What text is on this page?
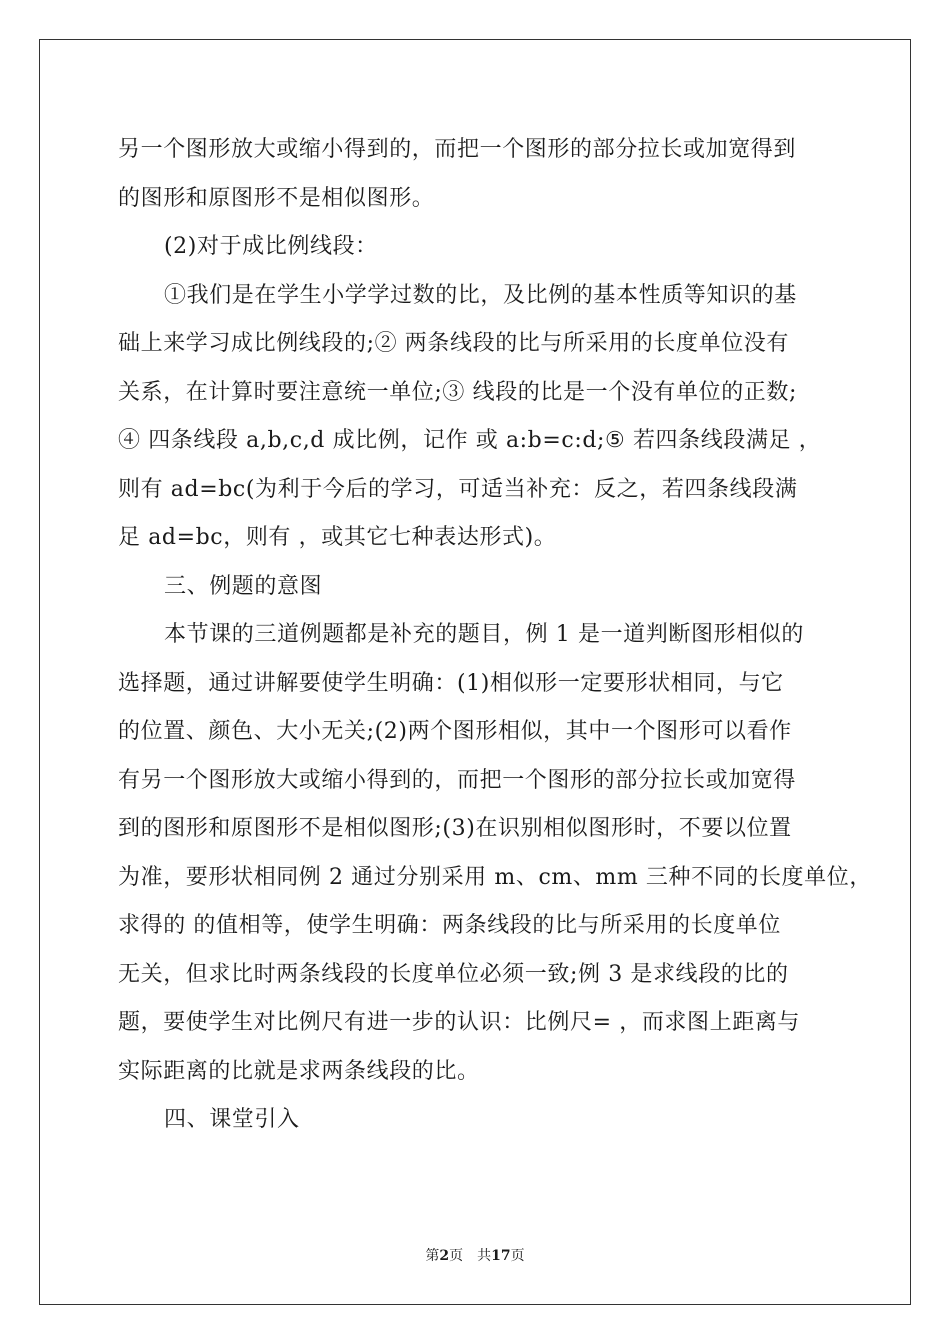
另一个图形放大或缩小得到的，而把一个图形的部分拉长或加宽得到
的图形和原图形不是相似图形。
(2)对于成比例线段：
①我们是在学生小学学过数的比，及比例的基本性质等知识的基
础上来学习成比例线段的;② 两条线段的比与所采用的长度单位没有
关系，在计算时要注意统一单位;③ 线段的比是一个没有单位的正数;
④ 四条线段 a,b,c,d 成比例，记作 或 a:b=c:d;⑤ 若四条线段满足 ，
则有 ad=bc(为利于今后的学习，可适当补充：反之，若四条线段满
足 ad=bc，则有 ，或其它七种表达形式)。
三、例题的意图
本节课的三道例题都是补充的题目，例 1 是一道判断图形相似的
选择题，通过讲解要使学生明确：(1)相似形一定要形状相同，与它
的位置、颜色、大小无关;(2)两个图形相似，其中一个图形可以看作
有另一个图形放大或缩小得到的，而把一个图形的部分拉长或加宽得
到的图形和原图形不是相似图形;(3)在识别相似图形时，不要以位置
为准，要形状相同例 2 通过分别采用 m、cm、mm 三种不同的长度单位，
求得的 的值相等，使学生明确：两条线段的比与所采用的长度单位
无关，但求比时两条线段的长度单位必须一致;例 3 是求线段的比的
题，要使学生对比例尺有进一步的认识：比例尺= ，而求图上距离与
实际距离的比就是求两条线段的比。
四、课堂引入
第2页 共17页
